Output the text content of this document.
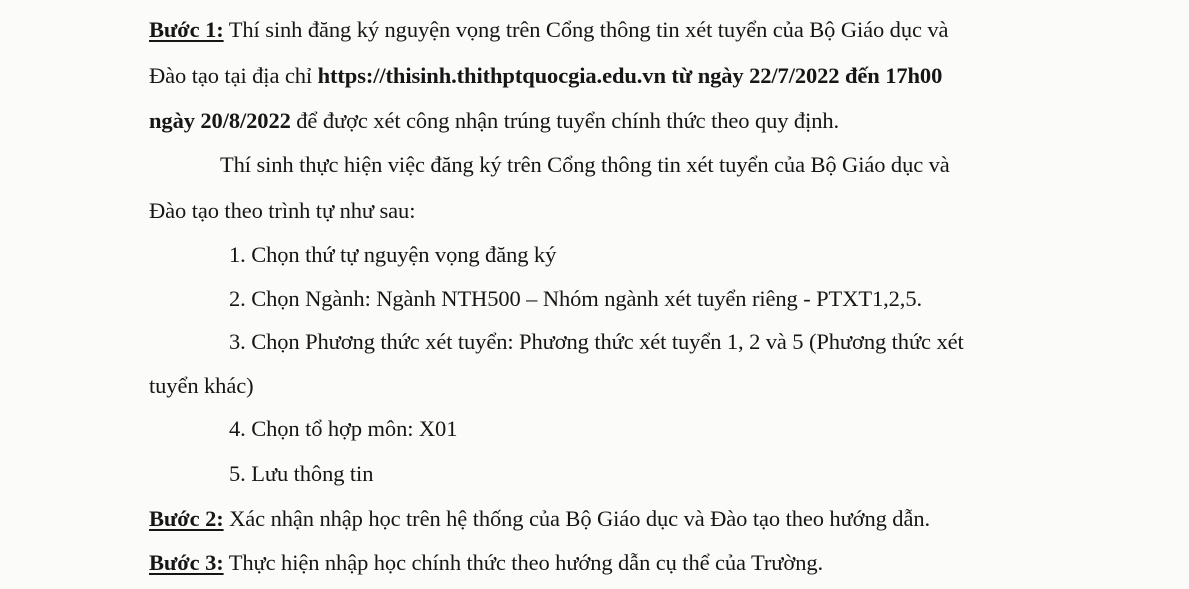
Bước 1: Thí sinh đăng ký nguyện vọng trên Cổng thông tin xét tuyển của Bộ Giáo dục và
Đào tạo tại địa chỉ https://thisinh.thithptquocgia.edu.vn từ ngày 22/7/2022 đến 17h00
ngày 20/8/2022 để được xét công nhận trúng tuyển chính thức theo quy định.
Thí sinh thực hiện việc đăng ký trên Cổng thông tin xét tuyển của Bộ Giáo dục và
Đào tạo theo trình tự như sau:
1. Chọn thứ tự nguyện vọng đăng ký
2. Chọn Ngành: Ngành NTH500 – Nhóm ngành xét tuyển riêng - PTXT1,2,5.
3. Chọn Phương thức xét tuyển: Phương thức xét tuyển 1, 2 và 5 (Phương thức xét
tuyển khác)
4. Chọn tổ hợp môn: X01
5. Lưu thông tin
Bước 2: Xác nhận nhập học trên hệ thống của Bộ Giáo dục và Đào tạo theo hướng dẫn.
Bước 3: Thực hiện nhập học chính thức theo hướng dẫn cụ thể của Trường.
